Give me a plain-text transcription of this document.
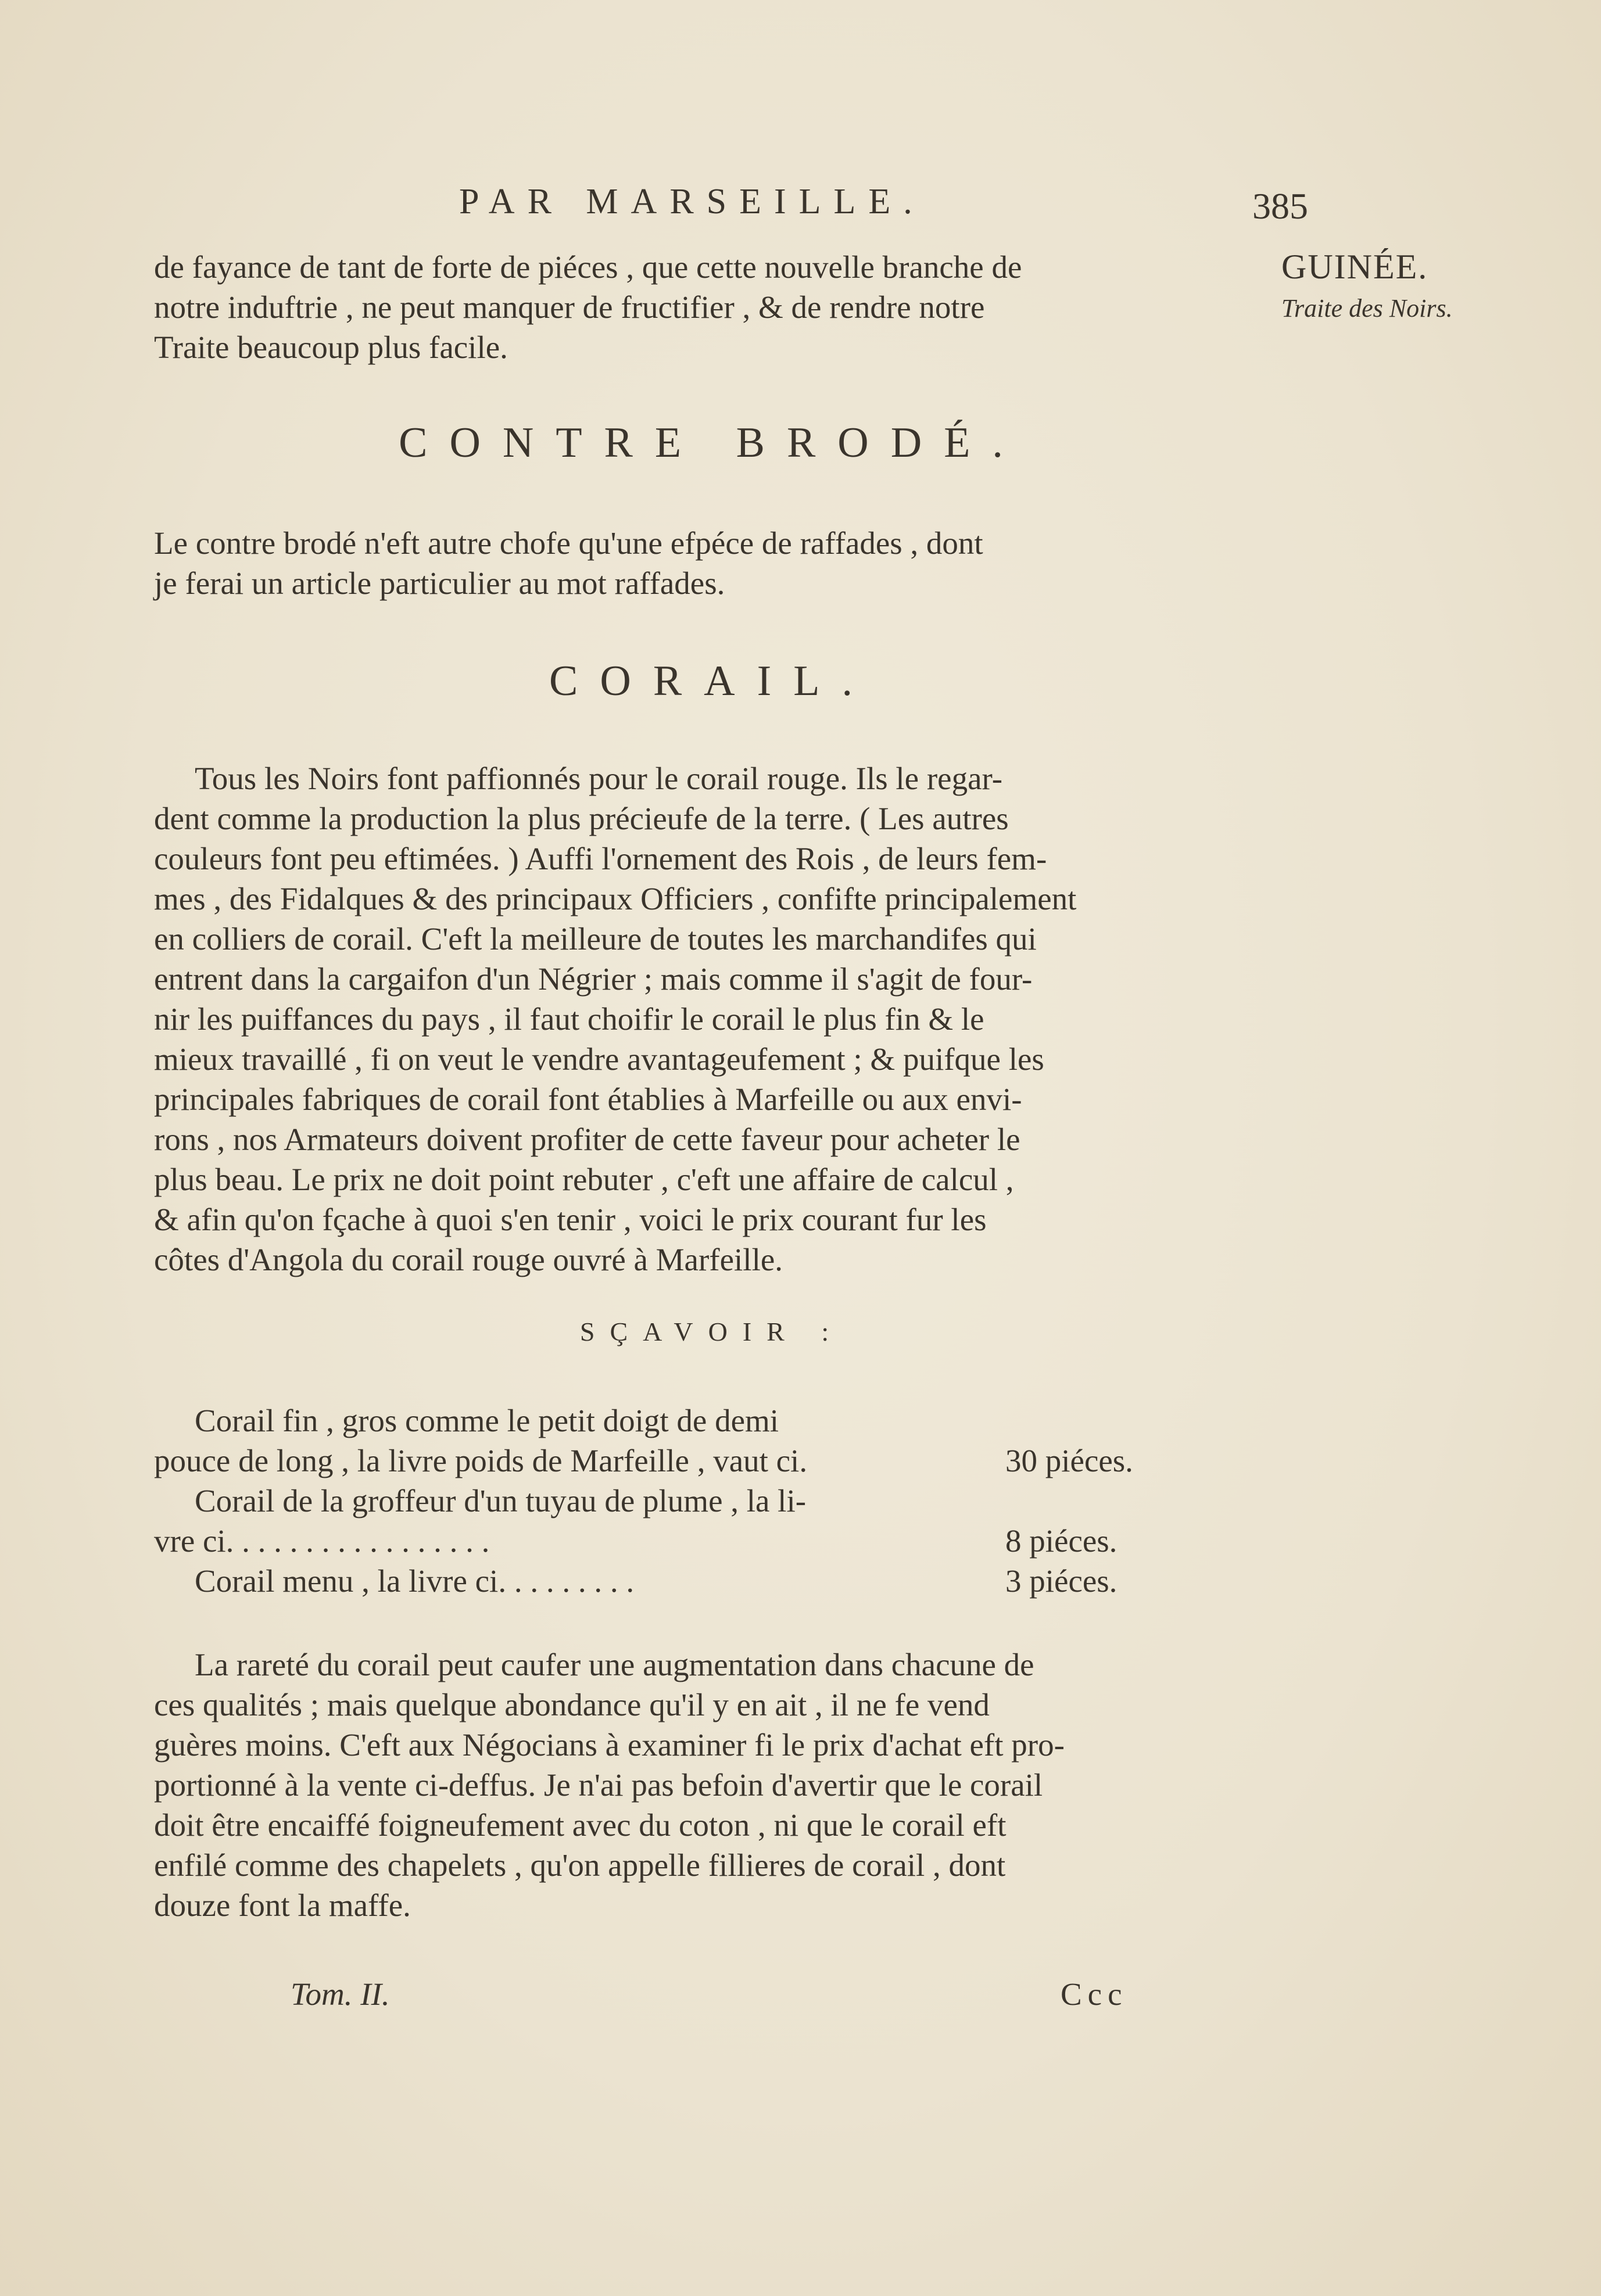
PAR MARSEILLE.	385
GUINÉE.
Traite des Noirs.

de fayance de tant de forte de piéces , que cette nouvelle branche de

notre induftrie , ne peut manquer de fructifier , & de rendre notre

Traite beaucoup plus facile.

CONTRE BRODÉ.

Le contre brodé n'eft autre chofe qu'une efpéce de raffades , dont

je ferai un article particulier au mot raffades.

CORAIL.

Tous les Noirs font paffionnés pour le corail rouge. Ils le regar-

dent comme la production la plus précieufe de la terre. ( Les autres

couleurs font peu eftimées. ) Auffi l'ornement des Rois , de leurs fem-

mes , des Fidalques & des principaux Officiers , confifte principalement

en colliers de corail. C'eft la meilleure de toutes les marchandifes qui

entrent dans la cargaifon d'un Négrier ; mais comme il s'agit de four-

nir les puiffances du pays , il faut choifir le corail le plus fin & le

mieux travaillé , fi on veut le vendre avantageufement ; & puifque les

principales fabriques de corail font établies à Marfeille ou aux envi-

rons , nos Armateurs doivent profiter de cette faveur pour acheter le

plus beau. Le prix ne doit point rebuter , c'eft une affaire de calcul ,

& afin qu'on fçache à quoi s'en tenir , voici le prix courant fur les

côtes d'Angola du corail rouge ouvré à Marfeille.

SÇAVOIR :
Corail fin , gros comme le petit doigt de demi
pouce de long , la livre poids de Marfeille , vaut ci.	30 piéces.
Corail de la groffeur d'un tuyau de plume , la li-
vre ci. . . . . . . . . . . . . . . . .	8 piéces.
Corail menu , la livre ci. . . . . . . . .	3 piéces.

La rareté du corail peut caufer une augmentation dans chacune de

ces qualités ; mais quelque abondance qu'il y en ait , il ne fe vend

guères moins. C'eft aux Négocians à examiner fi le prix d'achat eft pro-

portionné à la vente ci-deffus. Je n'ai pas befoin d'avertir que le corail

doit être encaiffé foigneufement avec du coton , ni que le corail eft

enfilé comme des chapelets , qu'on appelle fillieres de corail , dont

douze font la maffe.

Tom. II.	Ccc
